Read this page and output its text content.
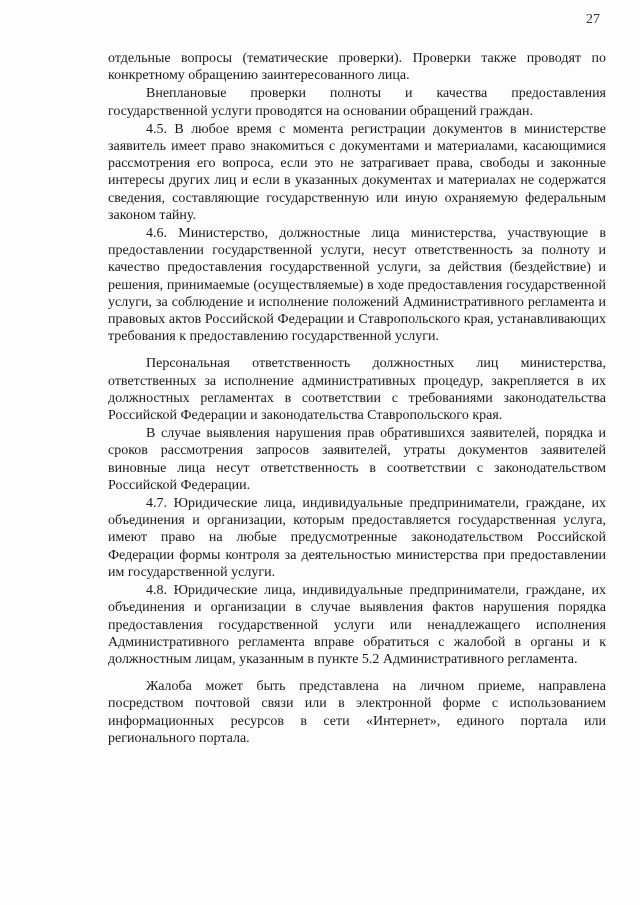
27

отдельные вопросы (тематические проверки). Проверки также проводят по конкретному обращению заинтересованного лица.

Внеплановые проверки полноты и качества предоставления государственной услуги проводятся на основании обращений граждан.

4.5. В любое время с момента регистрации документов в министерстве заявитель имеет право знакомиться с документами и материалами, касающимися рассмотрения его вопроса, если это не затрагивает права, свободы и законные интересы других лиц и если в указанных документах и материалах не содержатся сведения, составляющие государственную или иную охраняемую федеральным законом тайну.

4.6. Министерство, должностные лица министерства, участвующие в предоставлении государственной услуги, несут ответственность за полноту и качество предоставления государственной услуги, за действия (бездействие) и решения, принимаемые (осуществляемые) в ходе предоставления государственной услуги, за соблюдение и исполнение положений Административного регламента и правовых актов Российской Федерации и Ставропольского края, устанавливающих требования к предоставлению государственной услуги.

Персональная ответственность должностных лиц министерства, ответственных за исполнение административных процедур, закрепляется в их должностных регламентах в соответствии с требованиями законодательства Российской Федерации и законодательства Ставропольского края.

В случае выявления нарушения прав обратившихся заявителей, порядка и сроков рассмотрения запросов заявителей, утраты документов заявителей виновные лица несут ответственность в соответствии с законодательством Российской Федерации.

4.7. Юридические лица, индивидуальные предприниматели, граждане, их объединения и организации, которым предоставляется государственная услуга, имеют право на любые предусмотренные законодательством Российской Федерации формы контроля за деятельностью министерства при предоставлении им государственной услуги.

4.8. Юридические лица, индивидуальные предприниматели, граждане, их объединения и организации в случае выявления фактов нарушения порядка предоставления государственной услуги или ненадлежащего исполнения Административного регламента вправе обратиться с жалобой в органы и к должностным лицам, указанным в пункте 5.2 Административного регламента.

Жалоба может быть представлена на личном приеме, направлена посредством почтовой связи или в электронной форме с использованием информационных ресурсов в сети «Интернет», единого портала или регионального портала.
